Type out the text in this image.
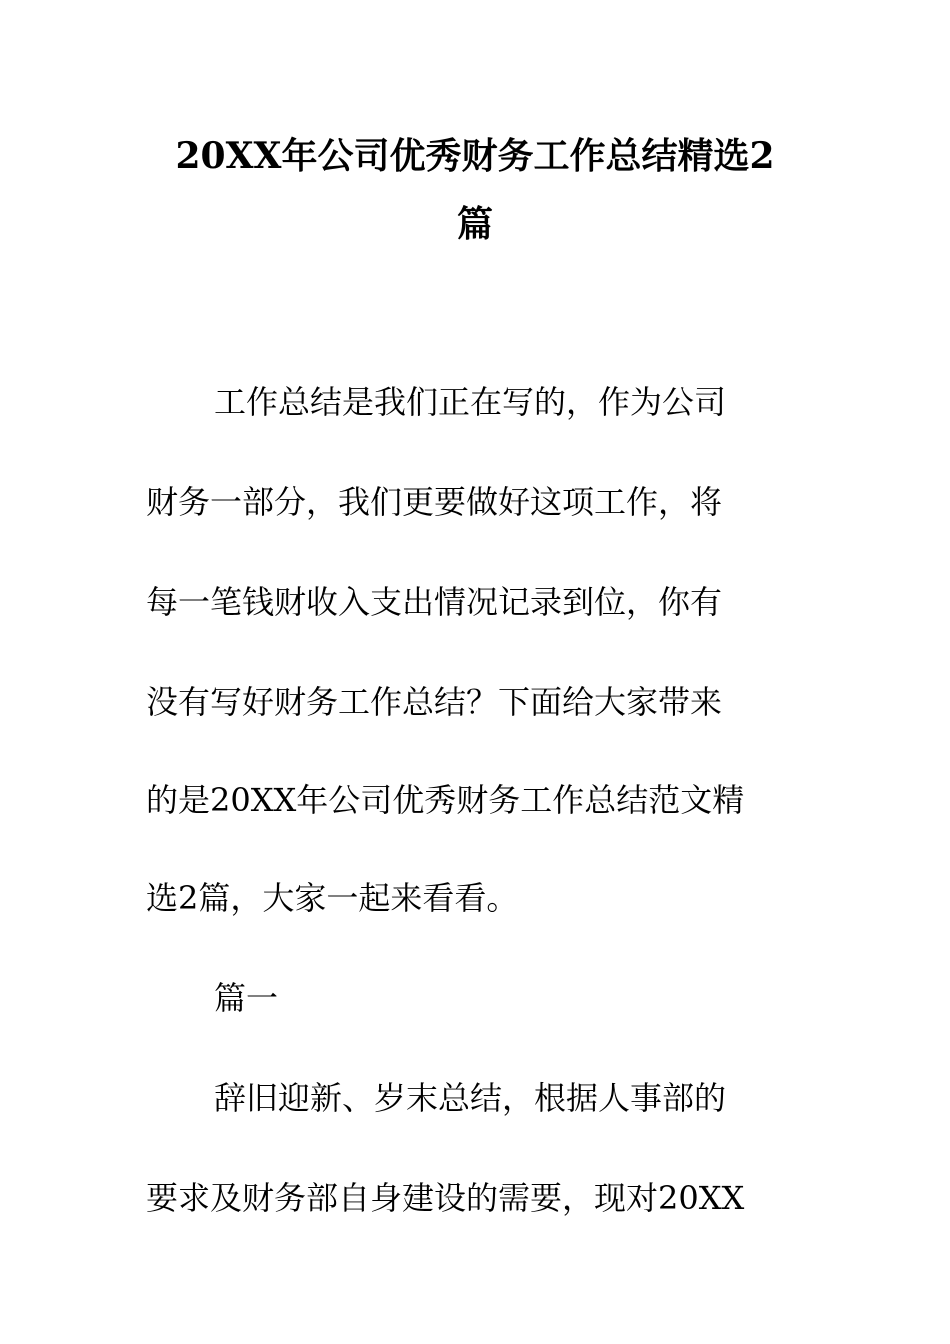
20XX年公司优秀财务工作总结精选2
篇
工作总结是我们正在写的，作为公司
财务一部分，我们更要做好这项工作，将
每一笔钱财收入支出情况记录到位，你有
没有写好财务工作总结？下面给大家带来
的是20XX年公司优秀财务工作总结范文精
选2篇，大家一起来看看。
篇一
辞旧迎新、岁末总结，根据人事部的
要求及财务部自身建设的需要，现对20XX
